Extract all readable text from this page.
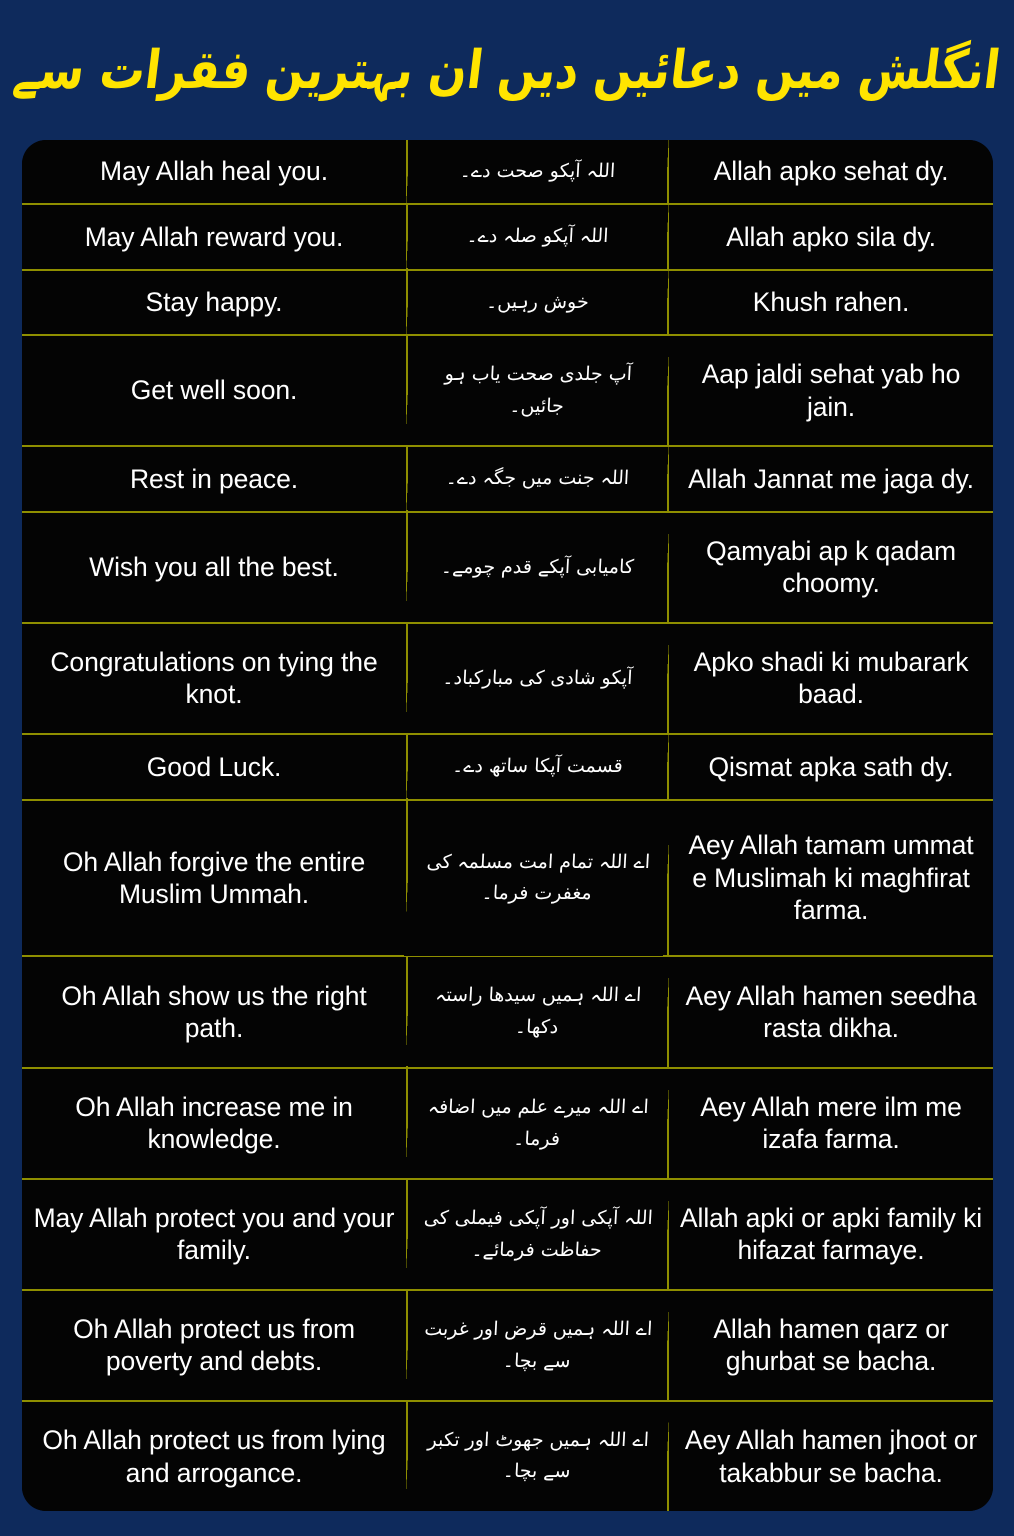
انگلش میں دعائیں دیں ان بہترین فقرات سے
May Allah heal you.	اللہ آپکو صحت دے۔	Allah apko sehat dy.
May Allah reward you.	اللہ آپکو صلہ دے۔	Allah apko sila dy.
Stay happy.	خوش رہیں۔	Khush rahen.
Get well soon.	آپ جلدی صحت یاب ہو جائیں۔	Aap jaldi sehat yab ho jain.
Rest in peace.	اللہ جنت میں جگہ دے۔	Allah Jannat me jaga dy.
Wish you all the best.	کامیابی آپکے قدم چومے۔	Qamyabi ap k qadam choomy.
Congratulations on tying the knot.	آپکو شادی کی مبارکباد۔	Apko shadi ki mubarark baad.
Good Luck.	قسمت آپکا ساتھ دے۔	Qismat apka sath dy.
Oh Allah forgive the entire Muslim Ummah.	اے اللہ تمام امت مسلمہ کی مغفرت فرما۔	Aey Allah tamam ummat e Muslimah ki maghfirat farma.
Oh Allah show us the right path.	اے اللہ ہمیں سیدھا راستہ دکھا۔	Aey Allah hamen seedha rasta dikha.
Oh Allah increase me in knowledge.	اے اللہ میرے علم میں اضافہ فرما۔	Aey Allah mere ilm me izafa farma.
May Allah protect you and your family.	اللہ آپکی اور آپکی فیملی کی حفاظت فرمائے۔	Allah apki or apki family ki hifazat farmaye.
Oh Allah protect us from poverty and debts.	اے اللہ ہمیں قرض اور غربت سے بچا۔	Allah hamen qarz or ghurbat se bacha.
Oh Allah protect us from lying and arrogance.	اے اللہ ہمیں جھوٹ اور تکبر سے بچا۔	Aey Allah hamen jhoot or takabbur se bacha.
